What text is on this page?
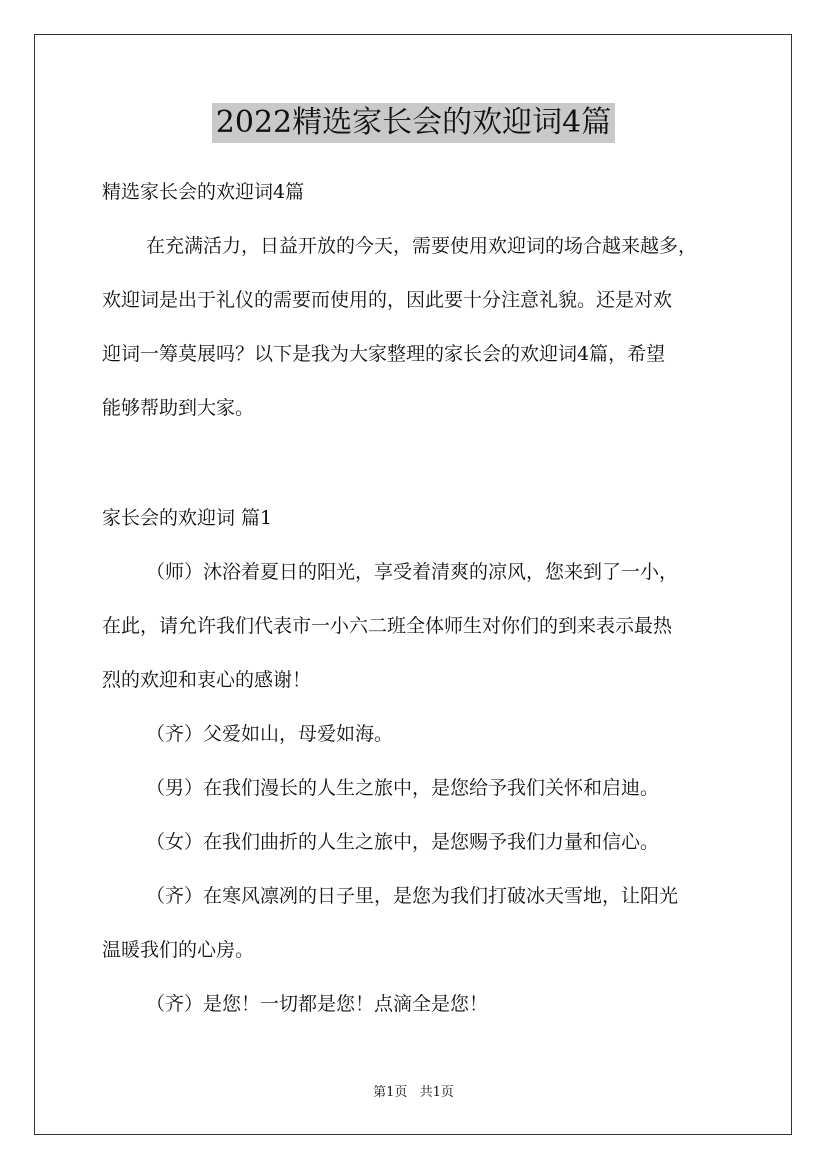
2022精选家长会的欢迎词4篇
精选家长会的欢迎词4篇
在充满活力，日益开放的今天，需要使用欢迎词的场合越来越多，
欢迎词是出于礼仪的需要而使用的，因此要十分注意礼貌。还是对欢
迎词一筹莫展吗？以下是我为大家整理的家长会的欢迎词4篇，希望
能够帮助到大家。
家长会的欢迎词 篇1
（师）沐浴着夏日的阳光，享受着清爽的凉风，您来到了一小，
在此，请允许我们代表市一小六二班全体师生对你们的到来表示最热
烈的欢迎和衷心的感谢！
（齐）父爱如山，母爱如海。
（男）在我们漫长的人生之旅中，是您给予我们关怀和启迪。
（女）在我们曲折的人生之旅中，是您赐予我们力量和信心。
（齐）在寒风凛冽的日子里，是您为我们打破冰天雪地，让阳光
温暖我们的心房。
（齐）是您！一切都是您！点滴全是您！
第1页 共1页
